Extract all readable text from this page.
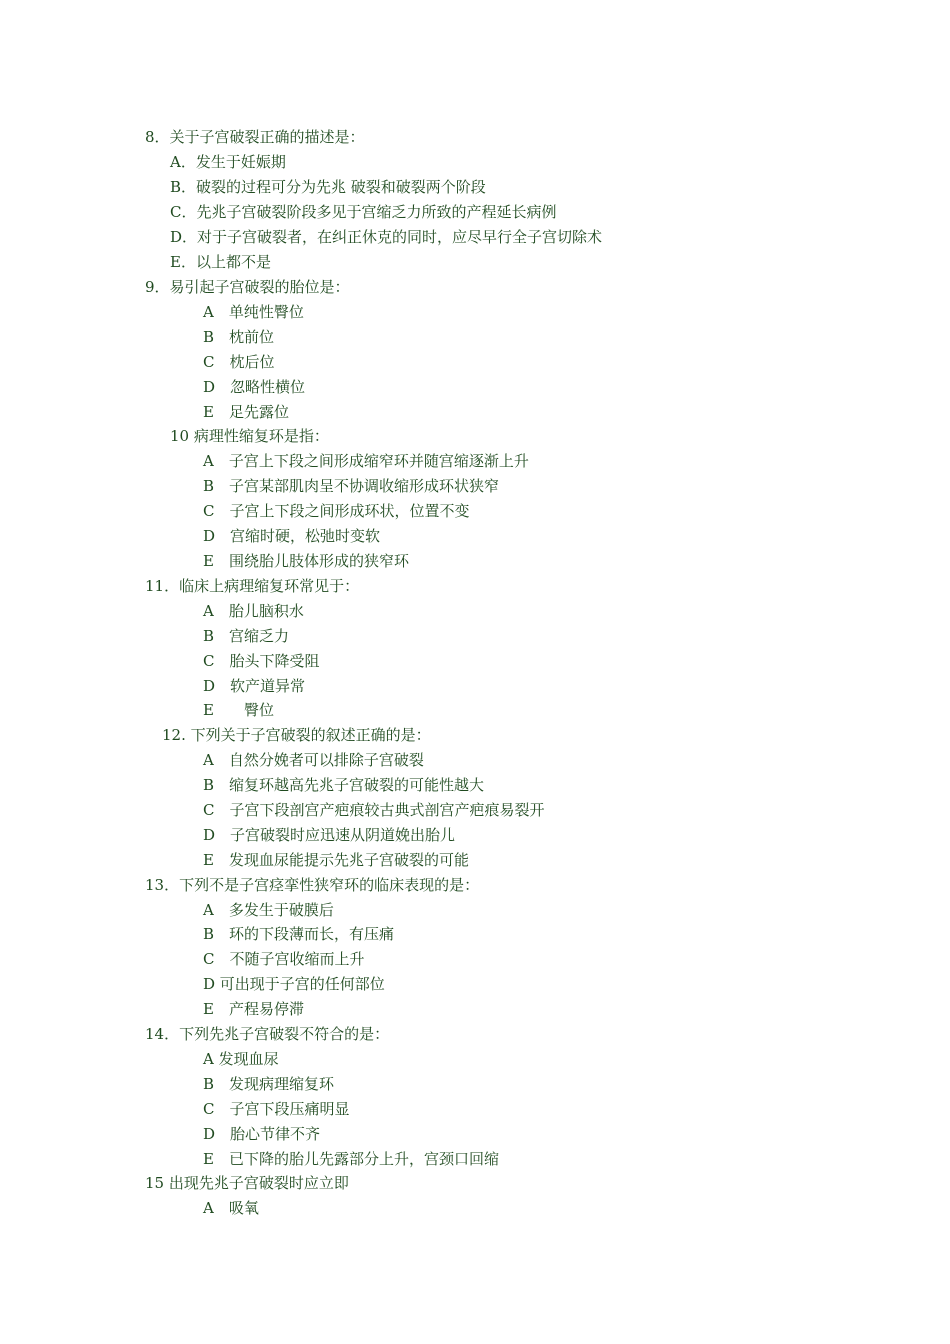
8．关于子宫破裂正确的描述是：
A．发生于妊娠期
B．破裂的过程可分为先兆 破裂和破裂两个阶段
C．先兆子宫破裂阶段多见于宫缩乏力所致的产程延长病例
D．对于子宫破裂者，在纠正休克的同时，应尽早行全子宫切除术
E．以上都不是
9．易引起子宫破裂的胎位是：
A　单纯性臀位
B　枕前位
C　枕后位
D　忽略性横位
E　足先露位
10 病理性缩复环是指：
A　子宫上下段之间形成缩窄环并随宫缩逐渐上升
B　子宫某部肌肉呈不协调收缩形成环状狭窄
C　子宫上下段之间形成环状，位置不变
D　宫缩时硬，松弛时变软
E　围绕胎儿肢体形成的狭窄环
11．临床上病理缩复环常见于：
A　胎儿脑积水
B　宫缩乏力
C　胎头下降受阻
D　软产道异常
E　　臀位
12. 下列关于子宫破裂的叙述正确的是：
A　自然分娩者可以排除子宫破裂
B　缩复环越高先兆子宫破裂的可能性越大
C　子宫下段剖宫产疤痕较古典式剖宫产疤痕易裂开
D　子宫破裂时应迅速从阴道娩出胎儿
E　发现血尿能提示先兆子宫破裂的可能
13．下列不是子宫痉挛性狭窄环的临床表现的是：
A　多发生于破膜后
B　环的下段薄而长，有压痛
C　不随子宫收缩而上升
D 可出现于子宫的任何部位
E　产程易停滞
14．下列先兆子宫破裂不符合的是：
A 发现血尿
B　发现病理缩复环
C　子宫下段压痛明显
D　胎心节律不齐
E　已下降的胎儿先露部分上升，宫颈口回缩
15 出现先兆子宫破裂时应立即
A　吸氧
